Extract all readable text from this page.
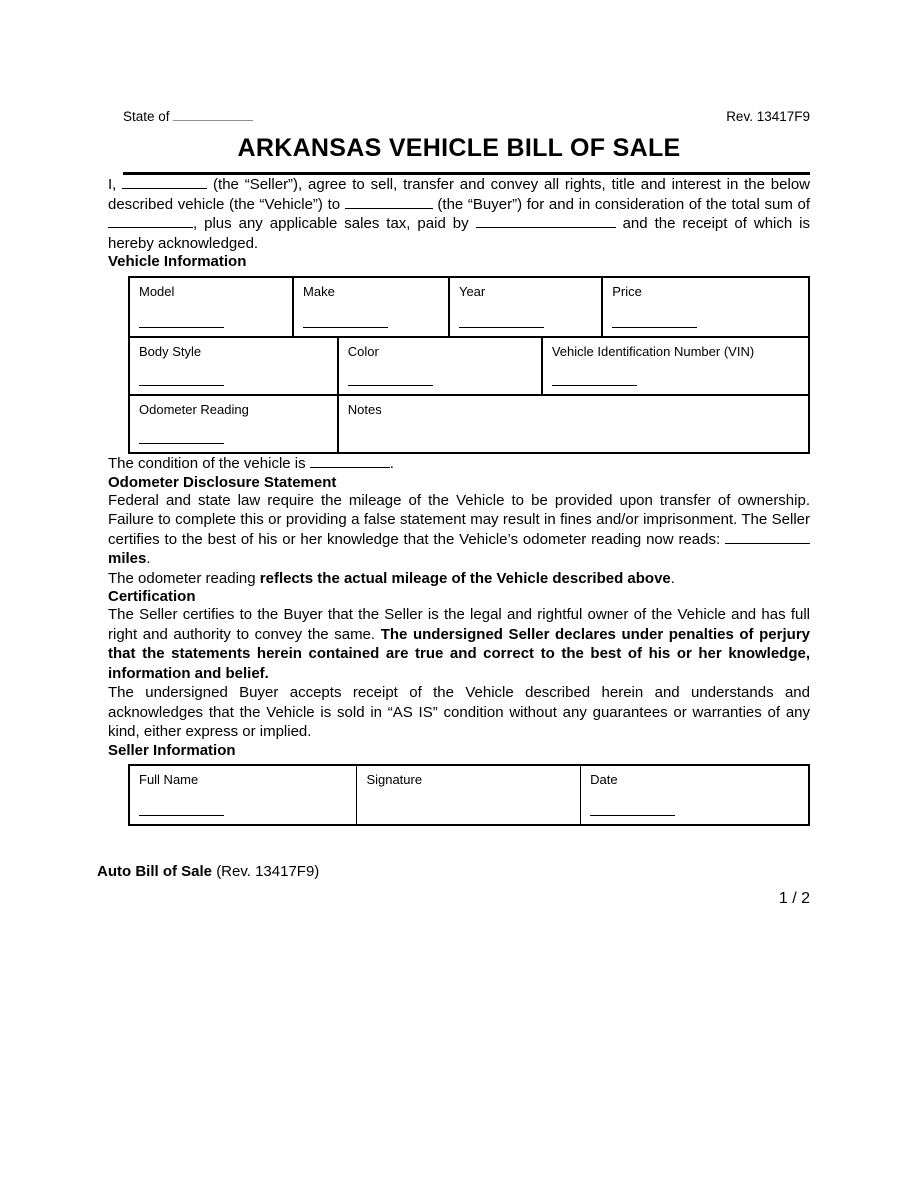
State of	Rev. 13417F9
ARKANSAS VEHICLE BILL OF SALE

I,	(the “Seller”), agree to sell, transfer and convey all rights, title and interest in the below described vehicle (the “Vehicle”) to	(the “Buyer”) for and in consideration of the total sum of , plus any applicable sales tax, paid by	and the receipt of which is hereby acknowledged.

Vehicle Information
Model	Make	Year	Price
Body Style	Color	Vehicle Identification Number (VIN)
Odometer Reading	Notes

The condition of the vehicle is	.

Odometer Disclosure Statement

Federal and state law require the mileage of the Vehicle to be provided upon transfer of ownership. Failure to complete this or providing a false statement may result in fines and/or imprisonment. The Seller certifies to the best of his or her knowledge that the Vehicle’s odometer reading now reads:  miles.

The odometer reading reflects the actual mileage of the Vehicle described above.

Certification

The Seller certifies to the Buyer that the Seller is the legal and rightful owner of the Vehicle and has full right and authority to convey the same. The undersigned Seller declares under penalties of perjury that the statements herein contained are true and correct to the best of his or her knowledge, information and belief.

The undersigned Buyer accepts receipt of the Vehicle described herein and understands and acknowledges that the Vehicle is sold in “AS IS” condition without any guarantees or warranties of any kind, either express or implied.

Seller Information
Full Name	Signature	Date
Auto Bill of Sale (Rev. 13417F9)
1 / 2
